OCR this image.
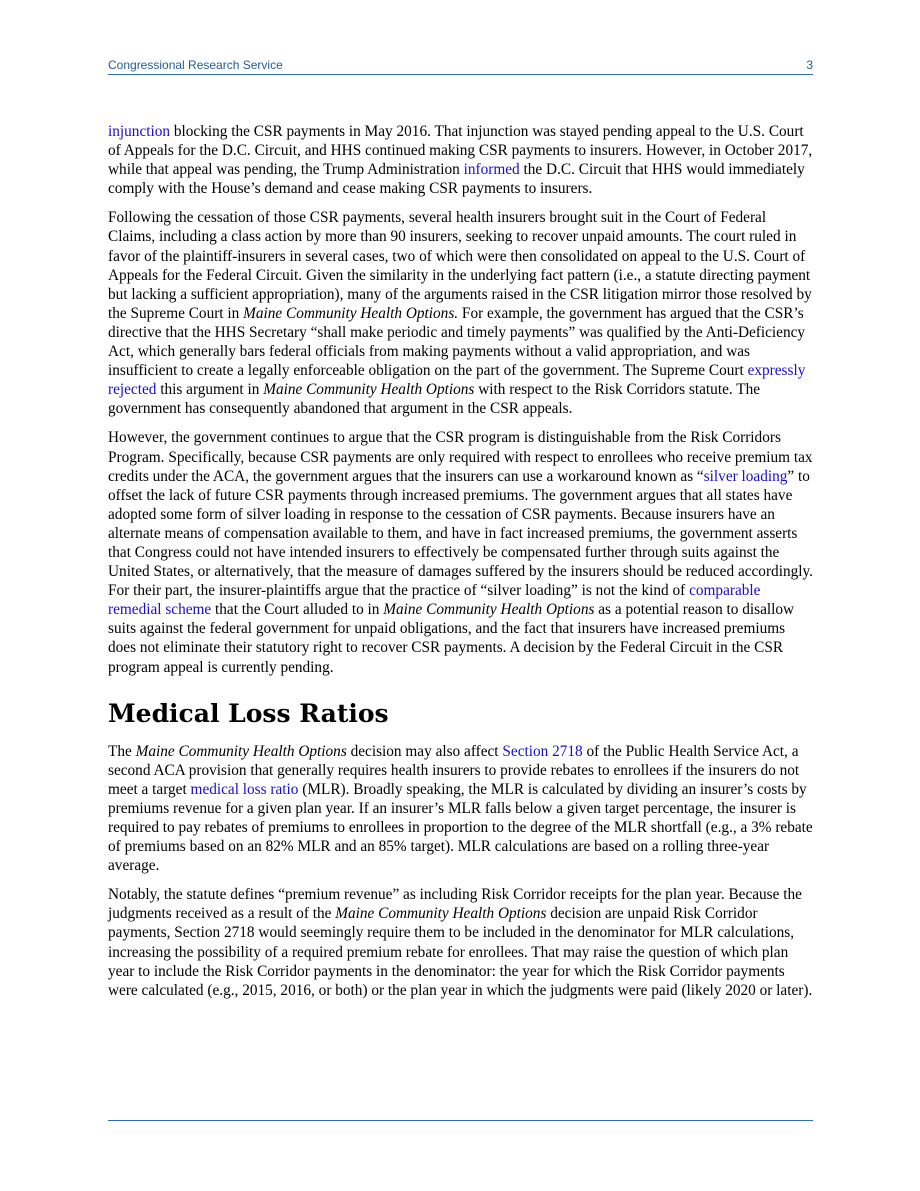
Congressional Research Service	3

injunction blocking the CSR payments in May 2016. That injunction was stayed pending appeal to the U.S. Court of Appeals for the D.C. Circuit, and HHS continued making CSR payments to insurers. However, in October 2017, while that appeal was pending, the Trump Administration informed the D.C. Circuit that HHS would immediately comply with the House’s demand and cease making CSR payments to insurers.

Following the cessation of those CSR payments, several health insurers brought suit in the Court of Federal Claims, including a class action by more than 90 insurers, seeking to recover unpaid amounts. The court ruled in favor of the plaintiff-insurers in several cases, two of which were then consolidated on appeal to the U.S. Court of Appeals for the Federal Circuit. Given the similarity in the underlying fact pattern (i.e., a statute directing payment but lacking a sufficient appropriation), many of the arguments raised in the CSR litigation mirror those resolved by the Supreme Court in Maine Community Health Options. For example, the government has argued that the CSR’s directive that the HHS Secretary “shall make periodic and timely payments” was qualified by the Anti-Deficiency Act, which generally bars federal officials from making payments without a valid appropriation, and was insufficient to create a legally enforceable obligation on the part of the government. The Supreme Court expressly rejected this argument in Maine Community Health Options with respect to the Risk Corridors statute. The government has consequently abandoned that argument in the CSR appeals.

However, the government continues to argue that the CSR program is distinguishable from the Risk Corridors Program. Specifically, because CSR payments are only required with respect to enrollees who receive premium tax credits under the ACA, the government argues that the insurers can use a workaround known as “silver loading” to offset the lack of future CSR payments through increased premiums. The government argues that all states have adopted some form of silver loading in response to the cessation of CSR payments. Because insurers have an alternate means of compensation available to them, and have in fact increased premiums, the government asserts that Congress could not have intended insurers to effectively be compensated further through suits against the United States, or alternatively, that the measure of damages suffered by the insurers should be reduced accordingly. For their part, the insurer-plaintiffs argue that the practice of “silver loading” is not the kind of comparable remedial scheme that the Court alluded to in Maine Community Health Options as a potential reason to disallow suits against the federal government for unpaid obligations, and the fact that insurers have increased premiums does not eliminate their statutory right to recover CSR payments. A decision by the Federal Circuit in the CSR program appeal is currently pending.

Medical Loss Ratios

The Maine Community Health Options decision may also affect Section 2718 of the Public Health Service Act, a second ACA provision that generally requires health insurers to provide rebates to enrollees if the insurers do not meet a target medical loss ratio (MLR). Broadly speaking, the MLR is calculated by dividing an insurer’s costs by premiums revenue for a given plan year. If an insurer’s MLR falls below a given target percentage, the insurer is required to pay rebates of premiums to enrollees in proportion to the degree of the MLR shortfall (e.g., a 3% rebate of premiums based on an 82% MLR and an 85% target). MLR calculations are based on a rolling three-year average.

Notably, the statute defines “premium revenue” as including Risk Corridor receipts for the plan year. Because the judgments received as a result of the Maine Community Health Options decision are unpaid Risk Corridor payments, Section 2718 would seemingly require them to be included in the denominator for MLR calculations, increasing the possibility of a required premium rebate for enrollees. That may raise the question of which plan year to include the Risk Corridor payments in the denominator: the year for which the Risk Corridor payments were calculated (e.g., 2015, 2016, or both) or the plan year in which the judgments were paid (likely 2020 or later).
